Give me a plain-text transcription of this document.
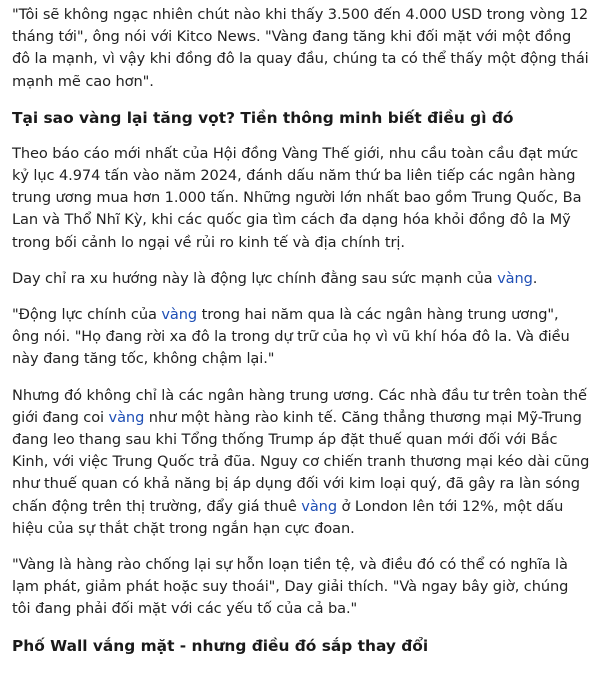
"Tôi sẽ không ngạc nhiên chút nào khi thấy 3.500 đến 4.000 USD trong vòng 12 tháng tới", ông nói với Kitco News. "Vàng đang tăng khi đối mặt với một đồng đô la mạnh, vì vậy khi đồng đô la quay đầu, chúng ta có thể thấy một động thái mạnh mẽ cao hơn".

Tại sao vàng lại tăng vọt? Tiền thông minh biết điều gì đó

Theo báo cáo mới nhất của Hội đồng Vàng Thế giới, nhu cầu toàn cầu đạt mức kỷ lục 4.974 tấn vào năm 2024, đánh dấu năm thứ ba liên tiếp các ngân hàng trung ương mua hơn 1.000 tấn. Những người lớn nhất bao gồm Trung Quốc, Ba Lan và Thổ Nhĩ Kỳ, khi các quốc gia tìm cách đa dạng hóa khỏi đồng đô la Mỹ trong bối cảnh lo ngại về rủi ro kinh tế và địa chính trị.

Day chỉ ra xu hướng này là động lực chính đằng sau sức mạnh của vàng.

"Động lực chính của vàng trong hai năm qua là các ngân hàng trung ương", ông nói. "Họ đang rời xa đô la trong dự trữ của họ vì vũ khí hóa đô la. Và điều này đang tăng tốc, không chậm lại."

Nhưng đó không chỉ là các ngân hàng trung ương. Các nhà đầu tư trên toàn thế giới đang coi vàng như một hàng rào kinh tế. Căng thẳng thương mại Mỹ-Trung đang leo thang sau khi Tổng thống Trump áp đặt thuế quan mới đối với Bắc Kinh, với việc Trung Quốc trả đũa. Nguy cơ chiến tranh thương mại kéo dài cũng như thuế quan có khả năng bị áp dụng đối với kim loại quý, đã gây ra làn sóng chấn động trên thị trường, đẩy giá thuê vàng ở London lên tới 12%, một dấu hiệu của sự thắt chặt trong ngắn hạn cực đoan.

"Vàng là hàng rào chống lại sự hỗn loạn tiền tệ, và điều đó có thể có nghĩa là lạm phát, giảm phát hoặc suy thoái", Day giải thích. "Và ngay bây giờ, chúng tôi đang phải đối mặt với các yếu tố của cả ba."

Phố Wall vắng mặt - nhưng điều đó sắp thay đổi
